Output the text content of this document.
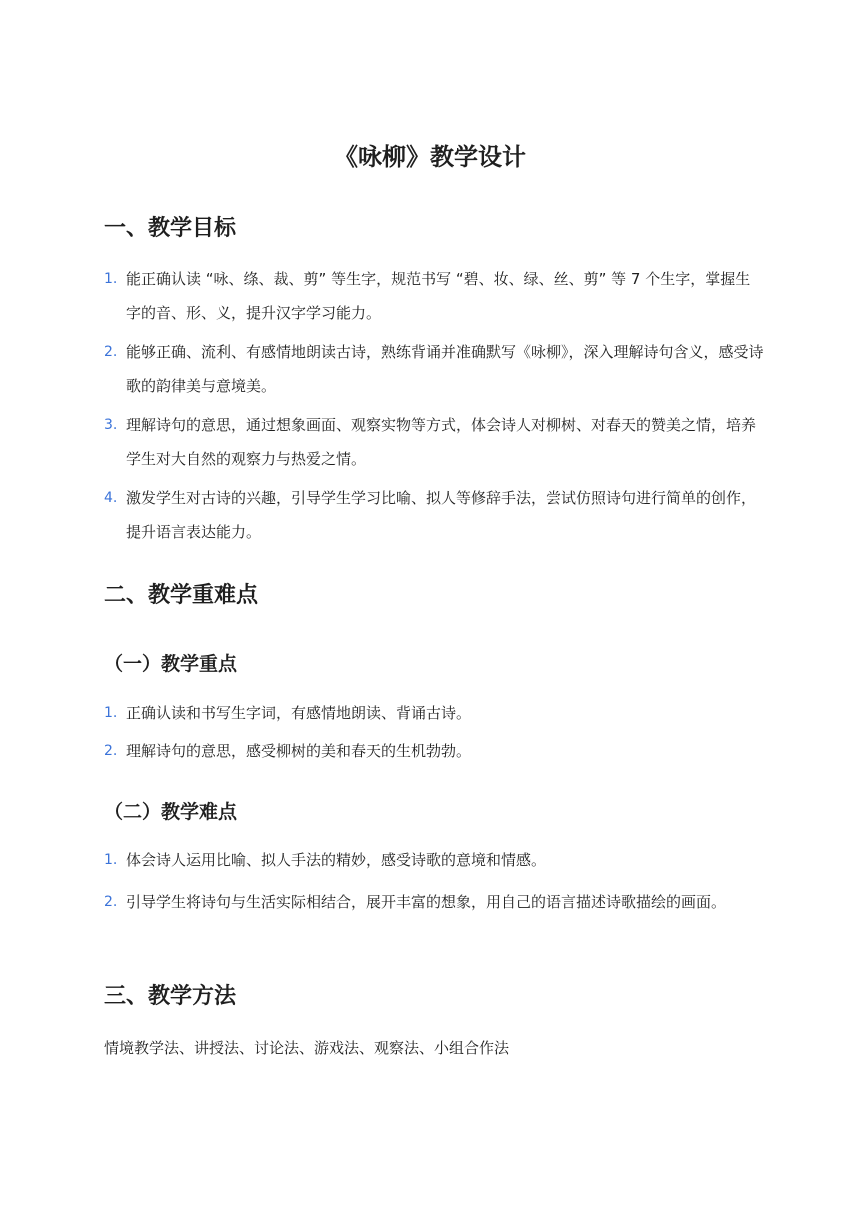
《咏柳》教学设计
一、教学目标
1. 能正确认读 “咏、绦、裁、剪” 等生字，规范书写 “碧、妆、绿、丝、剪” 等 7 个生字，掌握生字的音、形、义，提升汉字学习能力。
2. 能够正确、流利、有感情地朗读古诗，熟练背诵并准确默写《咏柳》，深入理解诗句含义，感受诗歌的韵律美与意境美。
3. 理解诗句的意思，通过想象画面、观察实物等方式，体会诗人对柳树、对春天的赞美之情，培养学生对大自然的观察力与热爱之情。
4. 激发学生对古诗的兴趣，引导学生学习比喻、拟人等修辞手法，尝试仿照诗句进行简单的创作，提升语言表达能力。
二、教学重难点
（一）教学重点
1. 正确认读和书写生字词，有感情地朗读、背诵古诗。
2. 理解诗句的意思，感受柳树的美和春天的生机勃勃。
（二）教学难点
1. 体会诗人运用比喻、拟人手法的精妙，感受诗歌的意境和情感。
2. 引导学生将诗句与生活实际相结合，展开丰富的想象，用自己的语言描述诗歌描绘的画面。
三、教学方法

情境教学法、讲授法、讨论法、游戏法、观察法、小组合作法
